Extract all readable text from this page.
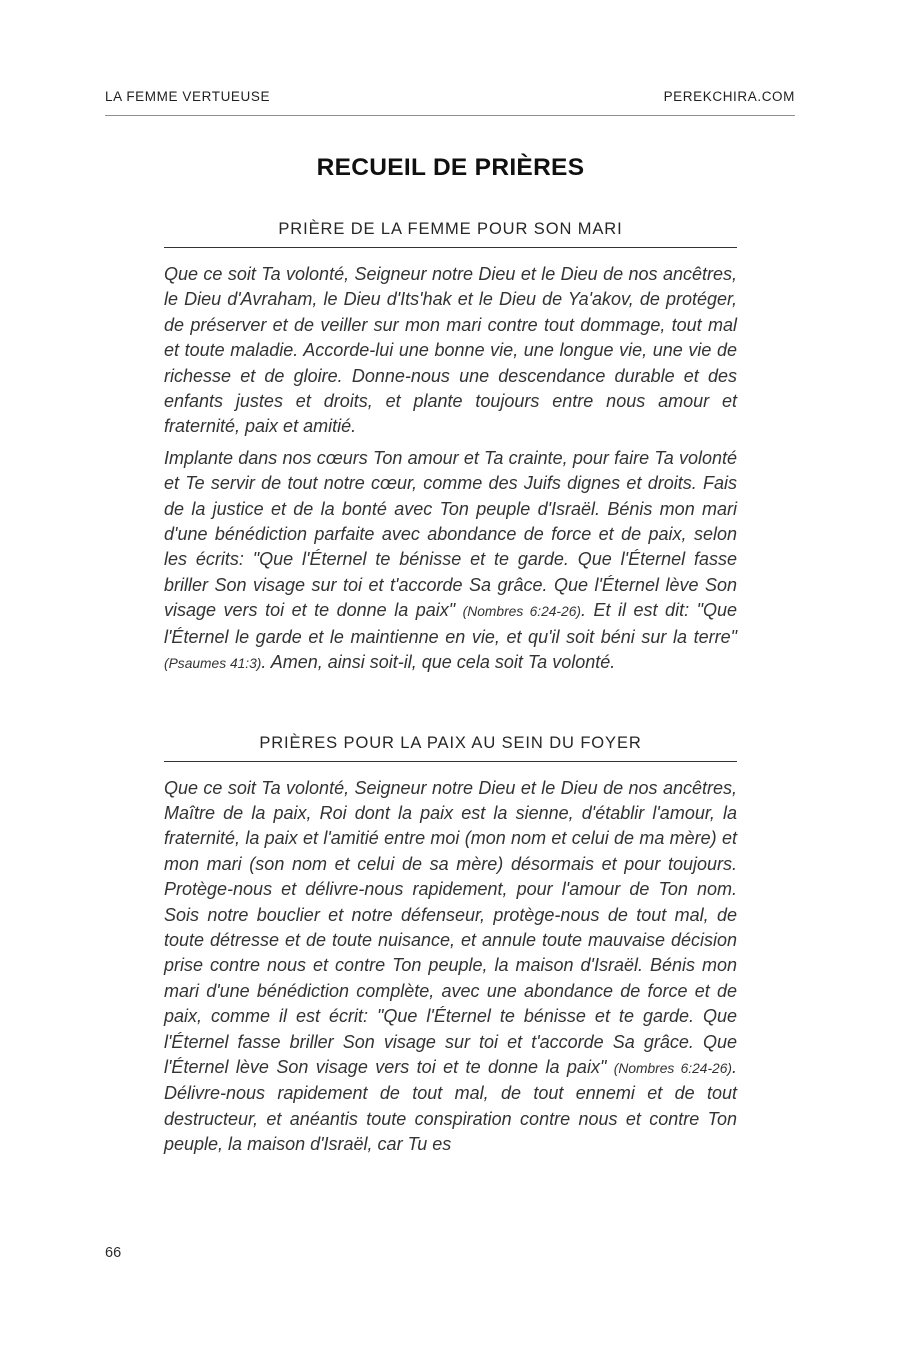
LA FEMME VERTUEUSE	PEREKCHIRA.COM
RECUEIL DE PRIÈRES
PRIÈRE DE LA FEMME POUR SON MARI

Que ce soit Ta volonté, Seigneur notre Dieu et le Dieu de nos ancêtres, le Dieu d'Avraham, le Dieu d'Its'hak et le Dieu de Ya'akov, de protéger, de préserver et de veiller sur mon mari contre tout dommage, tout mal et toute maladie. Accorde-lui une bonne vie, une longue vie, une vie de richesse et de gloire. Donne-nous une descendance durable et des enfants justes et droits, et plante toujours entre nous amour et fraternité, paix et amitié.

Implante dans nos cœurs Ton amour et Ta crainte, pour faire Ta volonté et Te servir de tout notre cœur, comme des Juifs dignes et droits. Fais de la justice et de la bonté avec Ton peuple d'Israël. Bénis mon mari d'une bénédiction parfaite avec abondance de force et de paix, selon les écrits: "Que l'Éternel te bénisse et te garde. Que l'Éternel fasse briller Son visage sur toi et t'accorde Sa grâce. Que l'Éternel lève Son visage vers toi et te donne la paix" (Nombres 6:24-26). Et il est dit: "Que l'Éternel le garde et le maintienne en vie, et qu'il soit béni sur la terre" (Psaumes 41:3). Amen, ainsi soit-il, que cela soit Ta volonté.

PRIÈRES POUR LA PAIX AU SEIN DU FOYER

Que ce soit Ta volonté, Seigneur notre Dieu et le Dieu de nos ancêtres, Maître de la paix, Roi dont la paix est la sienne, d'établir l'amour, la fraternité, la paix et l'amitié entre moi (mon nom et celui de ma mère) et mon mari (son nom et celui de sa mère) désormais et pour toujours. Protège-nous et délivre-nous rapidement, pour l'amour de Ton nom. Sois notre bouclier et notre défenseur, protège-nous de tout mal, de toute détresse et de toute nuisance, et annule toute mauvaise décision prise contre nous et contre Ton peuple, la maison d'Israël. Bénis mon mari d'une bénédiction complète, avec une abondance de force et de paix, comme il est écrit: "Que l'Éternel te bénisse et te garde. Que l'Éternel fasse briller Son visage sur toi et t'accorde Sa grâce. Que l'Éternel lève Son visage vers toi et te donne la paix" (Nombres 6:24-26). Délivre-nous rapidement de tout mal, de tout ennemi et de tout destructeur, et anéantis toute conspiration contre nous et contre Ton peuple, la maison d'Israël, car Tu es

66
